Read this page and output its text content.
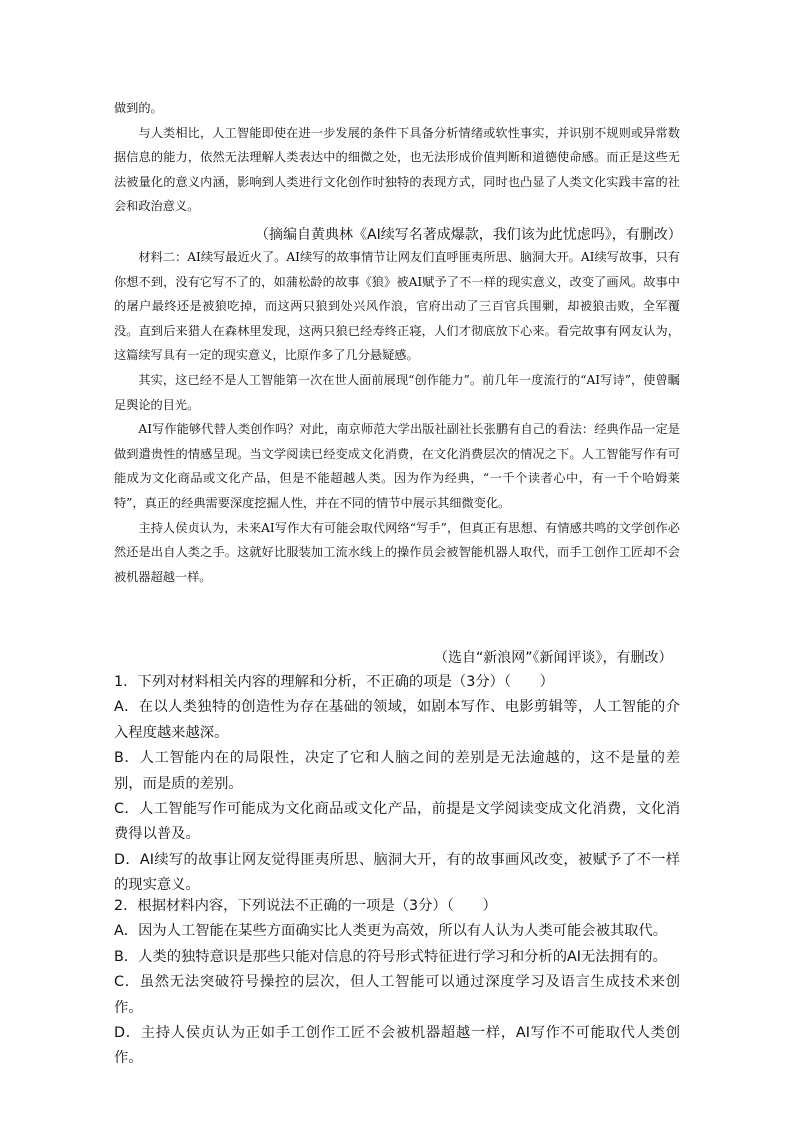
做到的。

与人类相比，人工智能即使在进一步发展的条件下具备分析情绪或软性事实，并识别不规则或异常数据信息的能力，依然无法理解人类表达中的细微之处，也无法形成价值判断和道德使命感。而正是这些无法被量化的意义内涵，影响到人类进行文化创作时独特的表现方式，同时也凸显了人类文化实践丰富的社会和政治意义。

（摘编自黄典林《AI续写名著成爆款，我们该为此忧虑吗》，有删改）

材料二：AI续写最近火了。AI续写的故事情节让网友们直呼匪夷所思、脑洞大开。AI续写故事，只有你想不到，没有它写不了的，如蒲松龄的故事《狼》被AI赋予了不一样的现实意义，改变了画风。故事中的屠户最终还是被狼吃掉，而这两只狼到处兴风作浪，官府出动了三百官兵围剿，却被狼击败，全军覆没。直到后来猎人在森林里发现，这两只狼已经寿终正寝，人们才彻底放下心来。看完故事有网友认为，这篇续写具有一定的现实意义，比原作多了几分悬疑感。

其实，这已经不是人工智能第一次在世人面前展现“创作能力”。前几年一度流行的“AI写诗”，使曾瞩足舆论的目光。

AI写作能够代替人类创作吗？对此，南京师范大学出版社副社长张鹏有自己的看法：经典作品一定是做到遣贵性的情感呈现。当文学阅读已经变成文化消费，在文化消费层次的情况之下。人工智能写作有可能成为文化商品或文化产品，但是不能超越人类。因为作为经典，“一千个读者心中，有一千个哈姆莱特”，真正的经典需要深度挖掘人性，并在不同的情节中展示其细微变化。

主持人侯贞认为，未来AI写作大有可能会取代网络“写手”，但真正有思想、有情感共鸣的文学创作必然还是出自人类之手。这就好比服装加工流水线上的操作员会被智能机器人取代，而手工创作工匠却不会被机器超越一样。

（选自“新浪网”《新闻评谈》，有删改）

1．下列对材料相关内容的理解和分析，不正确的项是（3分）（　　）

A．在以人类独特的创造性为存在基础的领域，如剧本写作、电影剪辑等，人工智能的介入程度越来越深。

B．人工智能内在的局限性，决定了它和人脑之间的差别是无法逾越的，这不是量的差别，而是质的差别。

C．人工智能写作可能成为文化商品或文化产品，前提是文学阅读变成文化消费，文化消费得以普及。

D．AI续写的故事让网友觉得匪夷所思、脑洞大开，有的故事画风改变，被赋予了不一样的现实意义。

2．根据材料内容，下列说法不正确的一项是（3分）（　　）

A．因为人工智能在某些方面确实比人类更为高效，所以有人认为人类可能会被其取代。

B．人类的独特意识是那些只能对信息的符号形式特征进行学习和分析的AI无法拥有的。

C．虽然无法突破符号操控的层次，但人工智能可以通过深度学习及语言生成技术来创作。

D．主持人侯贞认为正如手工创作工匠不会被机器超越一样，AI写作不可能取代人类创作。
